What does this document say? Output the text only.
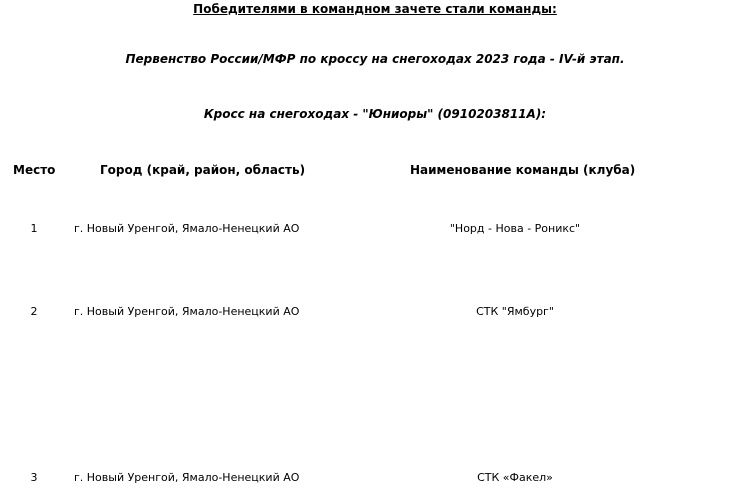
Победителями в командном зачете стали команды:
Первенство России/МФР по кроссу на снегоходах 2023 года - IV-й этап.
Кросс на снегоходах - "Юниоры" (0910203811А):
Место	Город (край, район, область)	Наименование команды (клуба)
1	г. Новый Уренгой, Ямало-Ненецкий АО	"Норд - Нова - Роникс"
2	г. Новый Уренгой, Ямало-Ненецкий АО	СТК "Ямбург"
3	г. Новый Уренгой, Ямало-Ненецкий АО	СТК «Факел»
